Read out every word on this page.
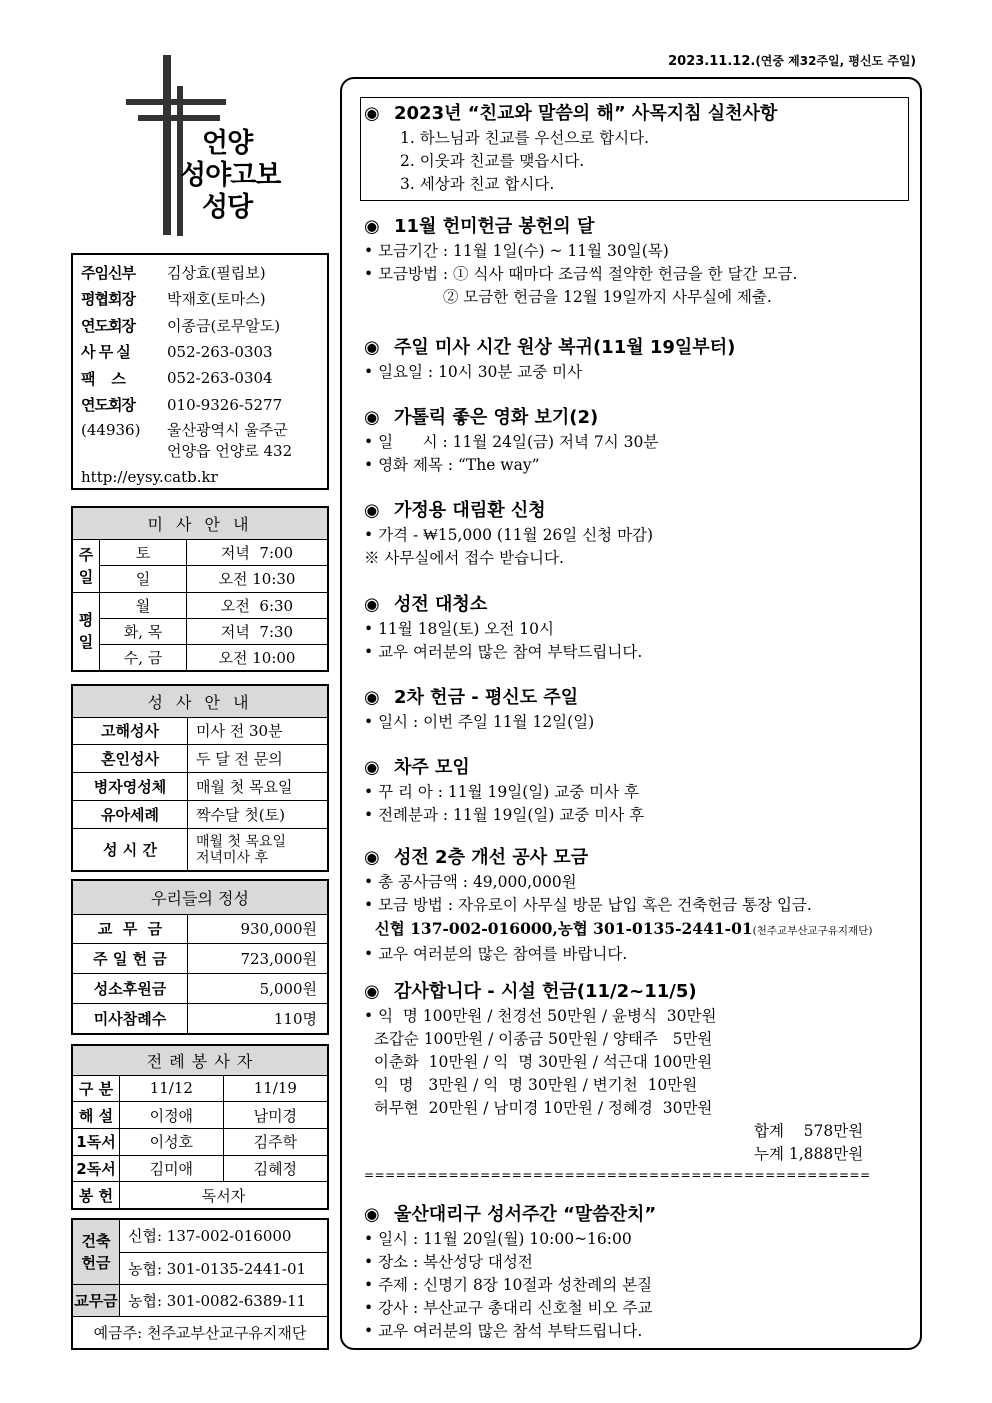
2023.11.12.(연중 제32주일, 평신도 주일)
언양
성야고보
성당
주임신부	김상효(필립보)
평협회장	박재호(토마스)
연도회장	이종금(로무알도)
사 무 실	052-263-0303
팩    스	052-263-0304
연도회장	010-9326-5277
(44936)	울산광역시 울주군
언양읍 언양로 432
http://eysy.catb.kr
미 사 안 내		
주일	토	저녁  7:00
	일	오전 10:30
평일	월	오전  6:30
	화, 목	저녁  7:30
	수, 금	오전 10:00
성 사 안 내	
고해성사	미사 전 30분
혼인성사	두 달 전 문의
병자영성체	매월 첫 목요일
유아세례	짝수달 첫(토)
성 시 간	매월 첫 목요일
저녁미사 후
우리들의 정성	
교  무  금	930,000원
주 일 헌 금	723,000원
성소후원금	5,000원
미사참례수	110명
전 례 봉 사 자		
구 분	11/12	11/19
해 설	이정애	남미경
1독서	이성호	김주학
2독서	김미애	김혜정
봉 헌	독서자	
건축
헌금	신협: 137-002-016000
	농협: 301-0135-2441-01
교무금	농협: 301-0082-6389-11
예금주: 천주교부산교구유지재단	
◉ 2023년 “친교와 말씀의 해” 사목지침 실천사항
1. 하느님과 친교를 우선으로 합시다.
2. 이웃과 친교를 맺읍시다.
3. 세상과 친교 합시다.
◉ 11월 헌미헌금 봉헌의 달
• 모금기간 : 11월 1일(수) ~ 11월 30일(목)
• 모금방법 : ① 식사 때마다 조금씩 절약한 헌금을 한 달간 모금.
② 모금한 헌금을 12월 19일까지 사무실에 제출.
◉ 주일 미사 시간 원상 복귀(11월 19일부터)
• 일요일 : 10시 30분 교중 미사
◉ 가톨릭 좋은 영화 보기(2)
• 일      시 : 11월 24일(금) 저녁 7시 30분
• 영화 제목 : “The way”
◉ 가정용 대림환 신청
• 가격 - ₩15,000 (11월 26일 신청 마감)
※ 사무실에서 접수 받습니다.
◉ 성전 대청소
• 11월 18일(토) 오전 10시
• 교우 여러분의 많은 참여 부탁드립니다.
◉ 2차 헌금 - 평신도 주일
• 일시 : 이번 주일 11월 12일(일)
◉ 차주 모임
• 꾸 리 아 : 11월 19일(일) 교중 미사 후
• 전례분과 : 11월 19일(일) 교중 미사 후
◉ 성전 2층 개선 공사 모금
• 총 공사금액 : 49,000,000원
• 모금 방법 : 자유로이 사무실 방문 납입 혹은 건축헌금 통장 입금.
신협 137-002-016000,농협 301-0135-2441-01(천주교부산교구유지재단)
• 교우 여러분의 많은 참여를 바랍니다.
◉ 감사합니다 - 시설 헌금(11/2~11/5)
• 익  명 100만원 / 천경선 50만원 / 윤병식  30만원
조갑순 100만원 / 이종금 50만원 / 양태주   5만원
이춘화  10만원 / 익  명 30만원 / 석근대 100만원
익  명   3만원 / 익  명 30만원 / 변기천  10만원
허무현  20만원 / 남미경 10만원 / 정혜경  30만원
합계    578만원
누계 1,888만원
================================================
◉ 울산대리구 성서주간 “말씀잔치”
• 일시 : 11월 20일(월) 10:00~16:00
• 장소 : 복산성당 대성전
• 주제 : 신명기 8장 10절과 성찬례의 본질
• 강사 : 부산교구 총대리 신호철 비오 주교
• 교우 여러분의 많은 참석 부탁드립니다.
